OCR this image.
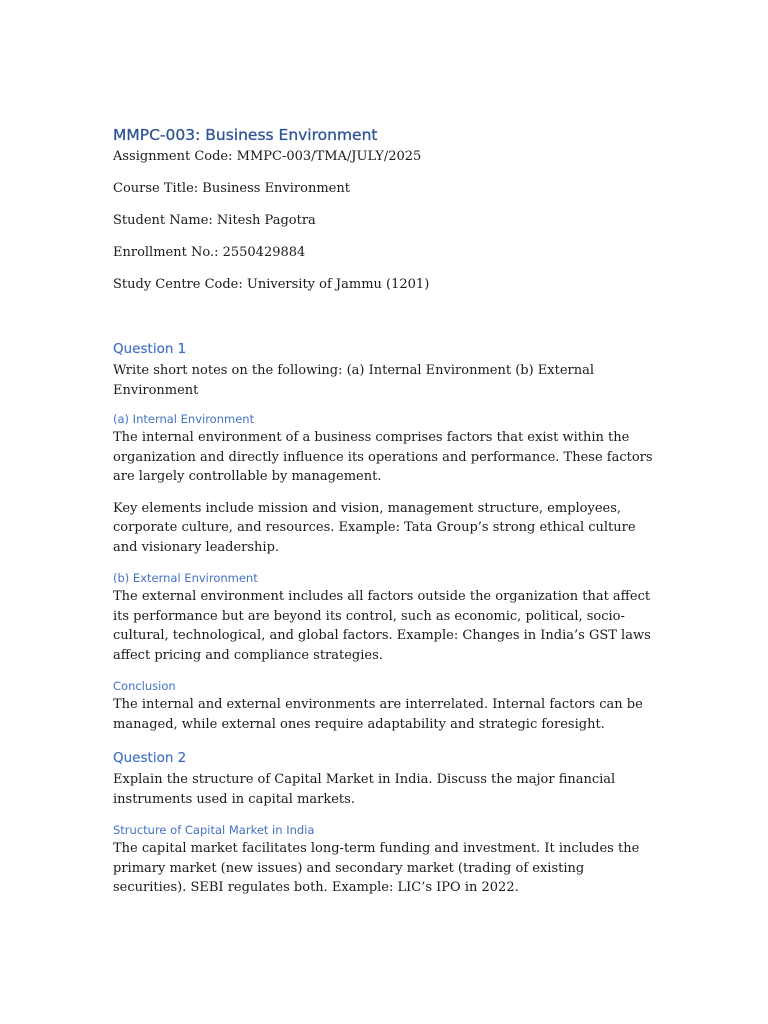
MMPC-003: Business Environment

Assignment Code: MMPC-003/TMA/JULY/2025

Course Title: Business Environment

Student Name: Nitesh Pagotra

Enrollment No.: 2550429884

Study Centre Code: University of Jammu (1201)

Question 1

Write short notes on the following: (a) Internal Environment (b) External Environment

(a) Internal Environment

The internal environment of a business comprises factors that exist within the organization and directly influence its operations and performance. These factors are largely controllable by management.

Key elements include mission and vision, management structure, employees, corporate culture, and resources. Example: Tata Group’s strong ethical culture and visionary leadership.

(b) External Environment

The external environment includes all factors outside the organization that affect its performance but are beyond its control, such as economic, political, socio-cultural, technological, and global factors. Example: Changes in India’s GST laws affect pricing and compliance strategies.

Conclusion

The internal and external environments are interrelated. Internal factors can be managed, while external ones require adaptability and strategic foresight.

Question 2

Explain the structure of Capital Market in India. Discuss the major financial instruments used in capital markets.

Structure of Capital Market in India

The capital market facilitates long-term funding and investment. It includes the primary market (new issues) and secondary market (trading of existing securities). SEBI regulates both. Example: LIC’s IPO in 2022.
